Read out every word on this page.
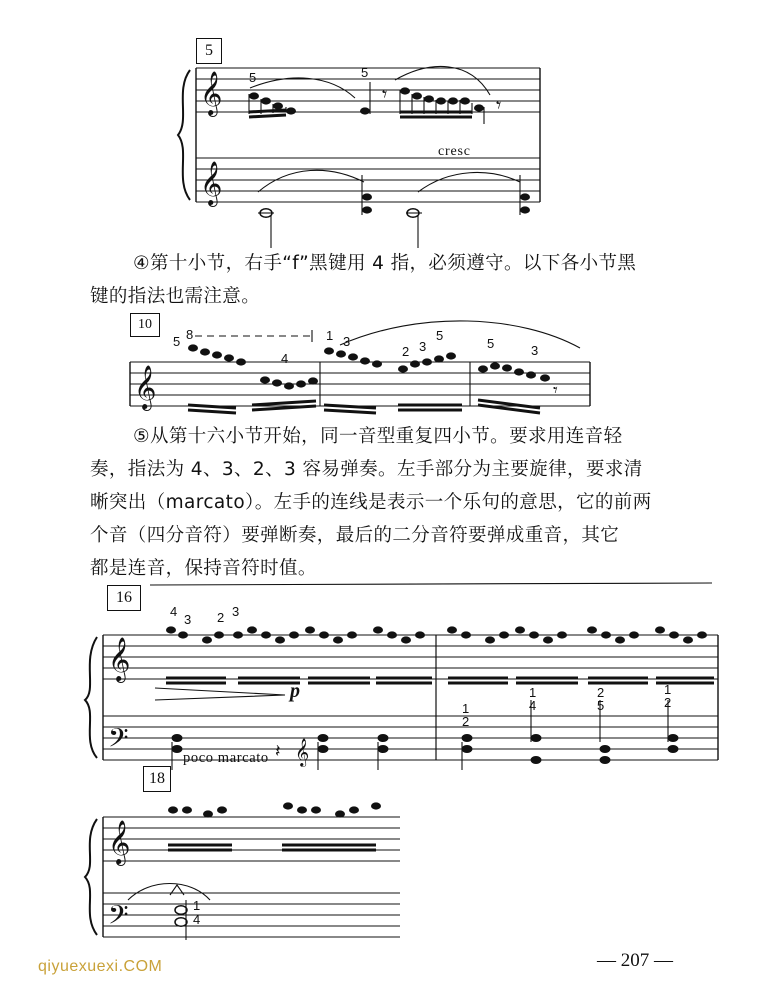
𝄞
𝄞
𝄾	𝄾
𝄞	𝄾
𝄞
𝄢	𝄽 𝄞
𝄞
𝄢
5
10
16
18
5	5
5 8
4
1 3
2 3
5
5	3
4
3 2 3
1
2
1
4
2
5
1
2
1
4
cresc
p
poco marcato
④第十小节，右手“f”黑键用 4 指，必须遵守。以下各小节黑
键的指法也需注意。
⑤从第十六小节开始，同一音型重复四小节。要求用连音轻
奏，指法为 4、3、2、3 容易弹奏。左手部分为主要旋律，要求清
晰突出（marcato）。左手的连线是表示一个乐句的意思，它的前两
个音（四分音符）要弹断奏，最后的二分音符要弹成重音，其它
都是连音，保持音符时值。
— 207 —
qiyuexuexi.COM
